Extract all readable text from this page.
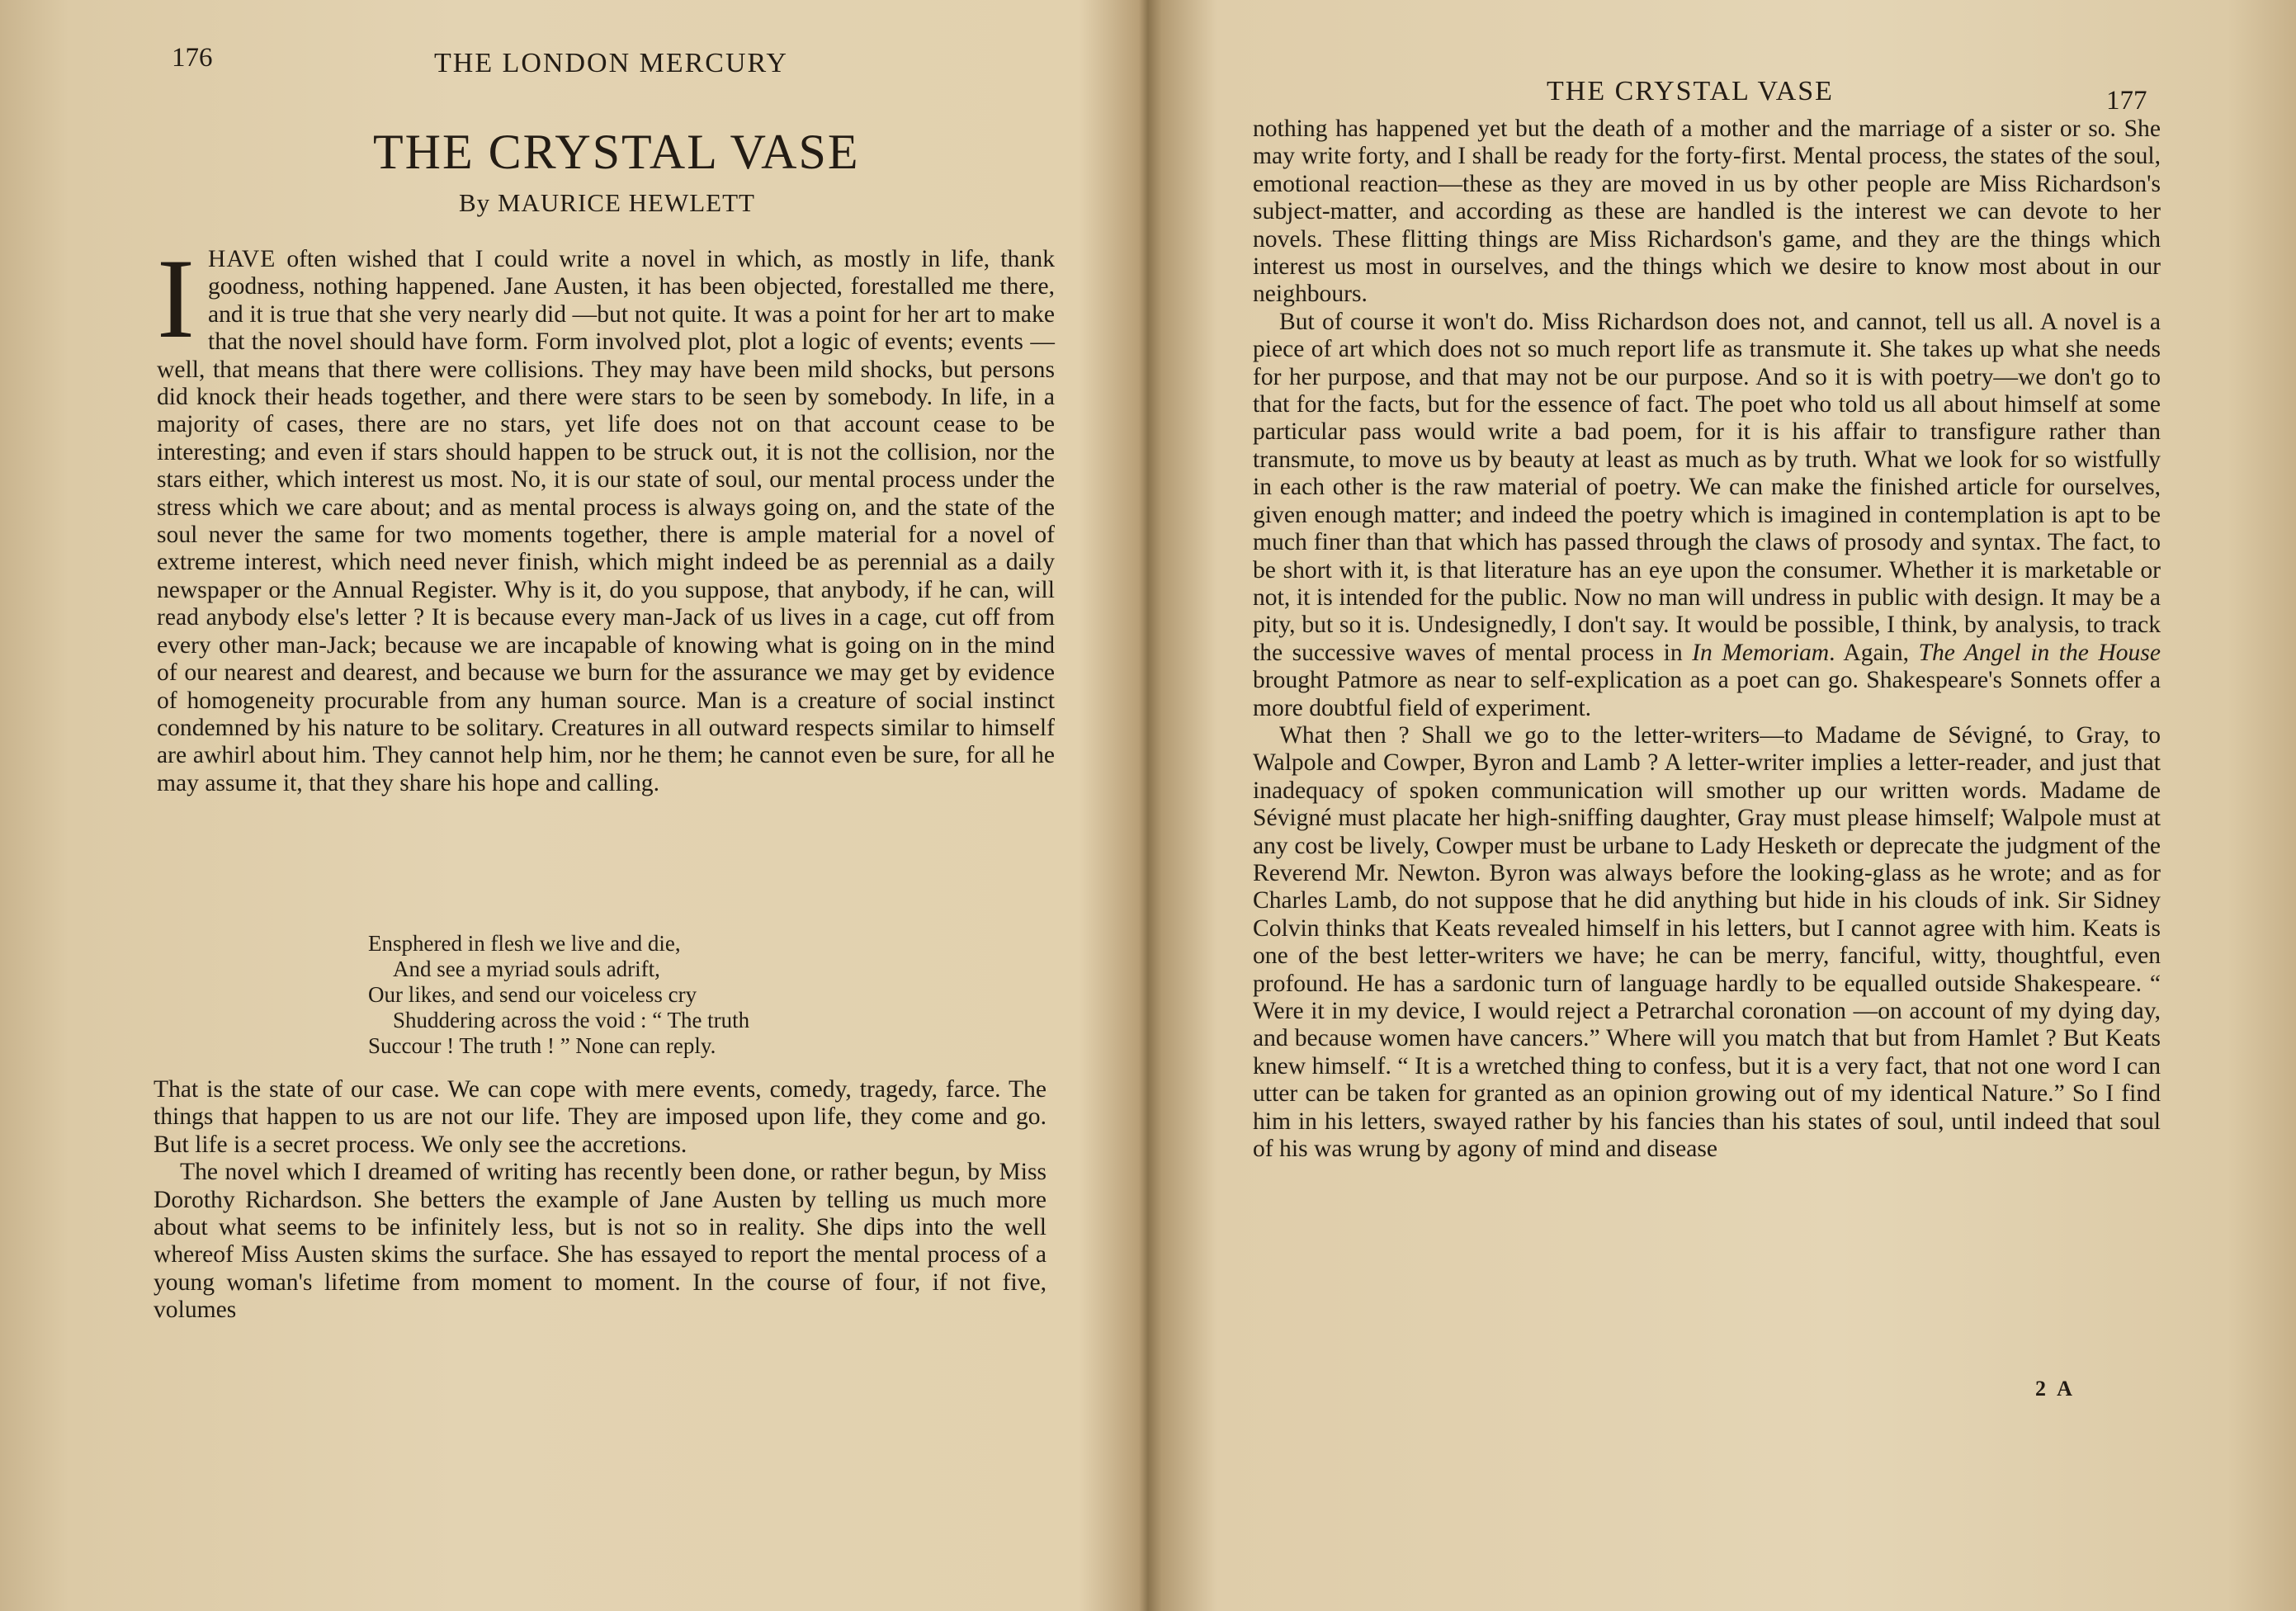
176	THE LONDON MERCURY
THE CRYSTAL VASE
By MAURICE HEWLETT

IHAVE often wished that I could write a novel in which, as mostly in life, thank goodness, nothing happened. Jane Austen, it has been objected, forestalled me there, and it is true that she very nearly did —but not quite. It was a point for her art to make that the novel should have form. Form involved plot, plot a logic of events; events —well, that means that there were collisions. They may have been mild shocks, but persons did knock their heads together, and there were stars to be seen by somebody. In life, in a majority of cases, there are no stars, yet life does not on that account cease to be interesting; and even if stars should happen to be struck out, it is not the collision, nor the stars either, which interest us most. No, it is our state of soul, our mental process under the stress which we care about; and as mental process is always going on, and the state of the soul never the same for two moments together, there is ample material for a novel of extreme interest, which need never finish, which might indeed be as perennial as a daily newspaper or the Annual Register. Why is it, do you suppose, that anybody, if he can, will read anybody else's letter ? It is because every man-Jack of us lives in a cage, cut off from every other man-Jack; because we are incapable of knowing what is going on in the mind of our nearest and dearest, and because we burn for the assurance we may get by evidence of homogeneity procurable from any human source. Man is a creature of social instinct condemned by his nature to be solitary. Creatures in all outward respects similar to himself are awhirl about him. They cannot help him, nor he them; he cannot even be sure, for all he may assume it, that they share his hope and calling.

Ensphered in flesh we live and die,
And see a myriad souls adrift,
Our likes, and send our voiceless cry
Shuddering across the void : “ The truth
Succour ! The truth ! ” None can reply.

That is the state of our case. We can cope with mere events, comedy, tragedy, farce. The things that happen to us are not our life. They are imposed upon life, they come and go. But life is a secret process. We only see the accretions.

The novel which I dreamed of writing has recently been done, or rather begun, by Miss Dorothy Richardson. She betters the example of Jane Austen by telling us much more about what seems to be infinitely less, but is not so in reality. She dips into the well whereof Miss Austen skims the surface. She has essayed to report the mental process of a young woman's lifetime from moment to moment. In the course of four, if not five, volumes

THE CRYSTAL VASE	177

nothing has happened yet but the death of a mother and the marriage of a sister or so. She may write forty, and I shall be ready for the forty-first. Mental process, the states of the soul, emotional reaction—these as they are moved in us by other people are Miss Richardson's subject-matter, and according as these are handled is the interest we can devote to her novels. These flitting things are Miss Richardson's game, and they are the things which interest us most in ourselves, and the things which we desire to know most about in our neighbours.

But of course it won't do. Miss Richardson does not, and cannot, tell us all. A novel is a piece of art which does not so much report life as transmute it. She takes up what she needs for her purpose, and that may not be our purpose. And so it is with poetry—we don't go to that for the facts, but for the essence of fact. The poet who told us all about himself at some particular pass would write a bad poem, for it is his affair to transfigure rather than transmute, to move us by beauty at least as much as by truth. What we look for so wistfully in each other is the raw material of poetry. We can make the finished article for ourselves, given enough matter; and indeed the poetry which is imagined in contemplation is apt to be much finer than that which has passed through the claws of prosody and syntax. The fact, to be short with it, is that literature has an eye upon the consumer. Whether it is marketable or not, it is intended for the public. Now no man will undress in public with design. It may be a pity, but so it is. Undesignedly, I don't say. It would be possible, I think, by analysis, to track the successive waves of mental process in In Memoriam. Again, The Angel in the House brought Patmore as near to self-explication as a poet can go. Shakespeare's Sonnets offer a more doubtful field of experiment.

What then ? Shall we go to the letter-writers—to Madame de Sévigné, to Gray, to Walpole and Cowper, Byron and Lamb ? A letter-writer implies a letter-reader, and just that inadequacy of spoken communication will smother up our written words. Madame de Sévigné must placate her high-sniffing daughter, Gray must please himself; Walpole must at any cost be lively, Cowper must be urbane to Lady Hesketh or deprecate the judgment of the Reverend Mr. Newton. Byron was always before the looking-glass as he wrote; and as for Charles Lamb, do not suppose that he did anything but hide in his clouds of ink. Sir Sidney Colvin thinks that Keats revealed himself in his letters, but I cannot agree with him. Keats is one of the best letter-writers we have; he can be merry, fanciful, witty, thoughtful, even profound. He has a sardonic turn of language hardly to be equalled outside Shakespeare. “ Were it in my device, I would reject a Petrarchal coronation —on account of my dying day, and because women have cancers.” Where will you match that but from Hamlet ? But Keats knew himself. “ It is a wretched thing to confess, but it is a very fact, that not one word I can utter can be taken for granted as an opinion growing out of my identical Nature.” So I find him in his letters, swayed rather by his fancies than his states of soul, until indeed that soul of his was wrung by agony of mind and disease

2 A
